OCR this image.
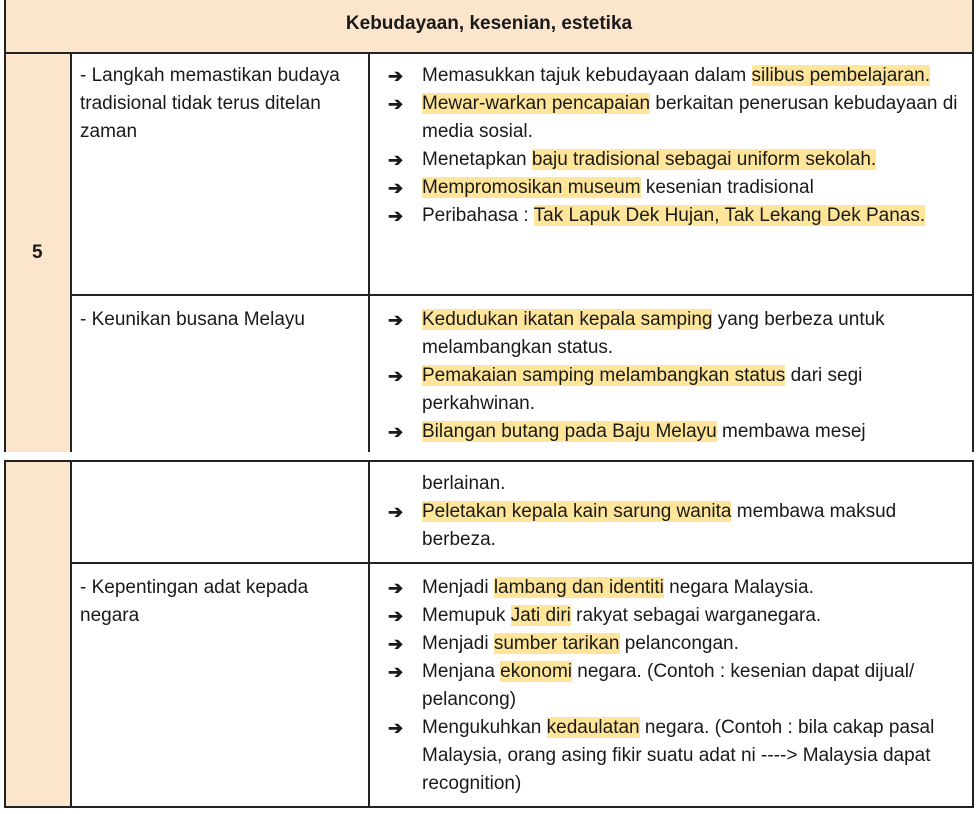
Kebudayaan, kesenian, estetika
5
- Langkah memastikan budaya tradisional tidak terus ditelan zaman
➔ Memasukkan tajuk kebudayaan dalam silibus pembelajaran.
➔ Mewar-warkan pencapaian berkaitan penerusan kebudayaan di media sosial.
➔ Menetapkan baju tradisional sebagai uniform sekolah.
➔ Mempromosikan museum kesenian tradisional
➔ Peribahasa : Tak Lapuk Dek Hujan, Tak Lekang Dek Panas.
- Keunikan busana Melayu	➔ Kedudukan ikatan kepala samping yang berbeza untuk melambangkan status.
➔ Pemakaian samping melambangkan status dari segi perkahwinan.
➔ Bilangan butang pada Baju Melayu membawa mesej
berlainan.
➔ Peletakan kepala kain sarung wanita membawa maksud berbeza.
- Kepentingan adat kepada negara
➔ Menjadi lambang dan identiti negara Malaysia.
➔ Memupuk Jati diri rakyat sebagai warganegara.
➔ Menjadi sumber tarikan pelancongan.
➔ Menjana ekonomi negara. (Contoh : kesenian dapat dijual/ pelancong)
➔ Mengukuhkan kedaulatan negara. (Contoh : bila cakap pasal Malaysia, orang asing fikir suatu adat ni ----> Malaysia dapat recognition)
